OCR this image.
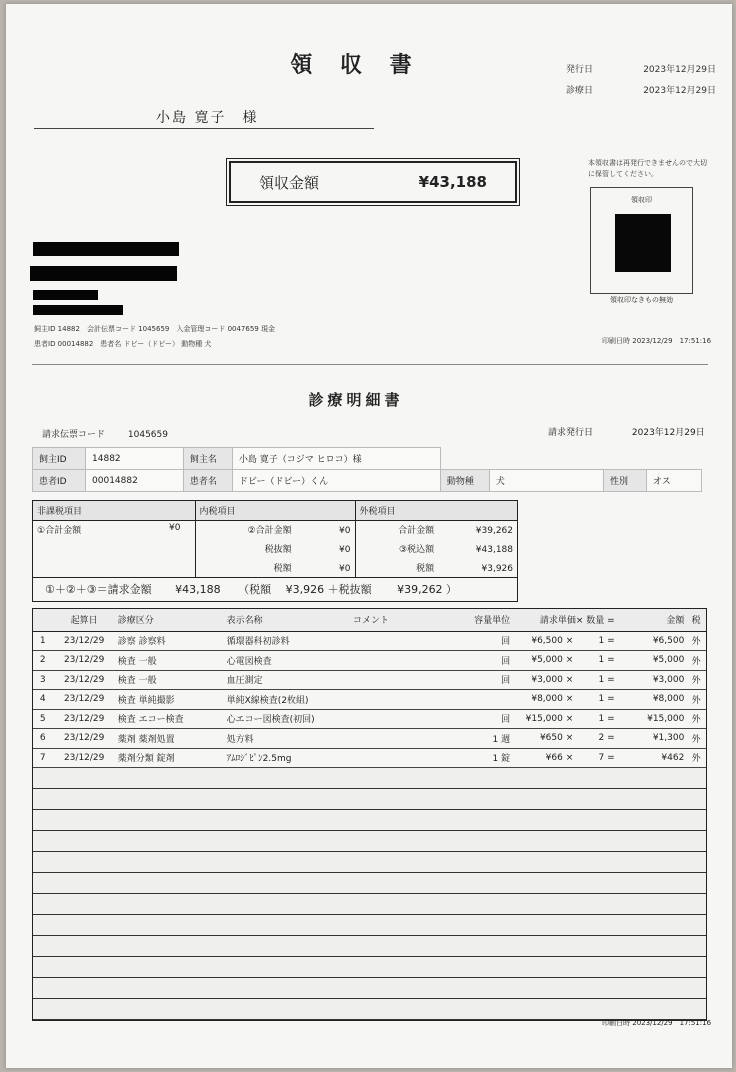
領 収 書	発行日	2023年12月29日
診療日	2023年12月29日
小島 寛子　様
領収金額	¥43,188
本領収書は再発行できませんので大切に保管してください。
領収印
領収印なきもの無効
飼主ID 14882　会計伝票コード 1045659　入金管理コード 0047659 現金
患者ID 00014882　患者名 ドビー（ドビー） 動物種 犬	印刷日時 2023/12/29　17:51:16
診療明細書
請求伝票コード	1045659	請求発行日	2023年12月29日
飼主ID	14882	飼主名	小島 寛子（コジマ ヒロコ）様				
患者ID	00014882	患者名	ドビー（ドビー）くん	動物種	犬	性別	オス
非課税項目	内税項目	外税項目
①合計金額 ¥0	②合計金額 ¥0	合計金額 ¥39,262
	税抜額 ¥0	③税込額 ¥43,188
	税額 ¥0	税額 ¥3,926
①＋②＋③＝請求金額 ¥43,188 （税額　 ¥3,926 ＋税抜額　　 ¥39,262 ）		
	起算日	診療区分	表示名称	コメント	容量単位	請求単価× 数量 =		金額	税
1	23/12/29	診察 診察料	循環器科初診料		回	¥6,500 ×	1 =	¥6,500	外
2	23/12/29	検査 一般	心電図検査		回	¥5,000 ×	1 =	¥5,000	外
3	23/12/29	検査 一般	血圧測定		回	¥3,000 ×	1 =	¥3,000	外
4	23/12/29	検査 単純撮影	単純X線検査(2枚組)			¥8,000 ×	1 =	¥8,000	外
5	23/12/29	検査 エコー検査	心エコー図検査(初回)		回	¥15,000 ×	1 =	¥15,000	外
6	23/12/29	薬剤 薬剤処置	処方料		1 週	¥650 ×	2 =	¥1,300	外
7	23/12/29	薬剤分類 錠剤	ｱﾑﾛｼﾞﾋﾟﾝ2.5mg		1 錠	¥66 ×	7 =	¥462	外

印刷日時 2023/12/29　17:51:16
